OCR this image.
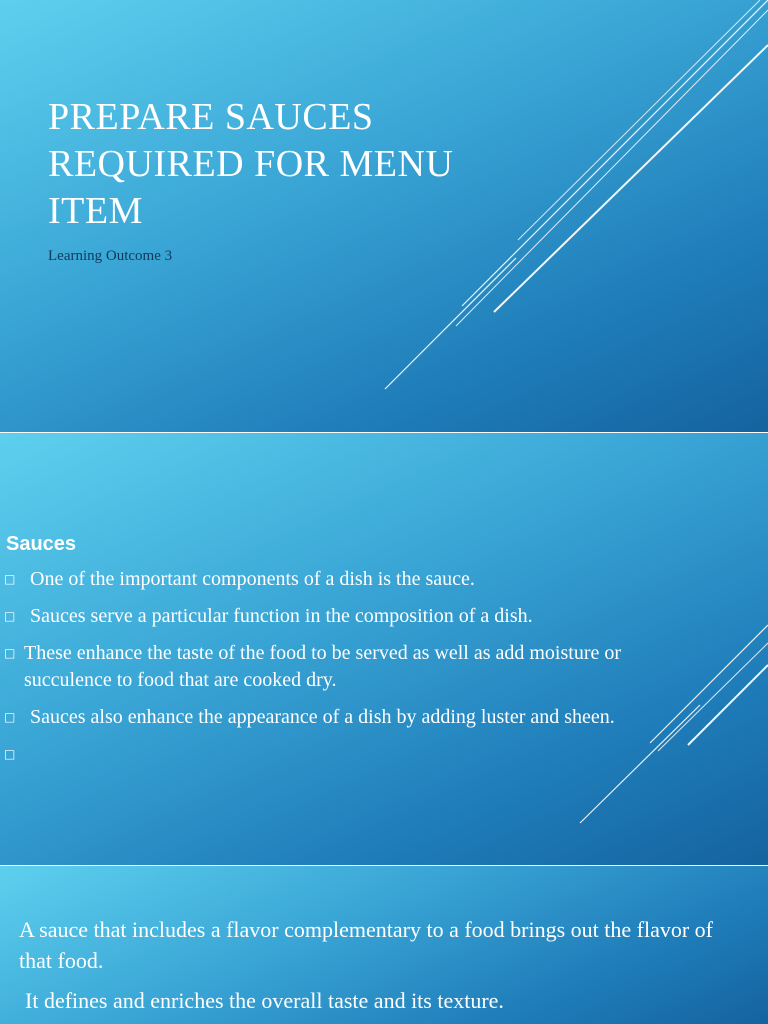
PREPARE SAUCES REQUIRED FOR MENU ITEM
Learning Outcome 3
Sauces
□ One of the important components of a dish is the sauce.
□ Sauces serve a particular function in the composition of a dish.
□ These enhance the taste of the food to be served as well as add moisture or succulence to food that are cooked dry.
□ Sauces also enhance the appearance of a dish by adding luster and sheen.
□

A sauce that includes a flavor complementary to a food brings out the flavor of that food.

It defines and enriches the overall taste and its texture.
